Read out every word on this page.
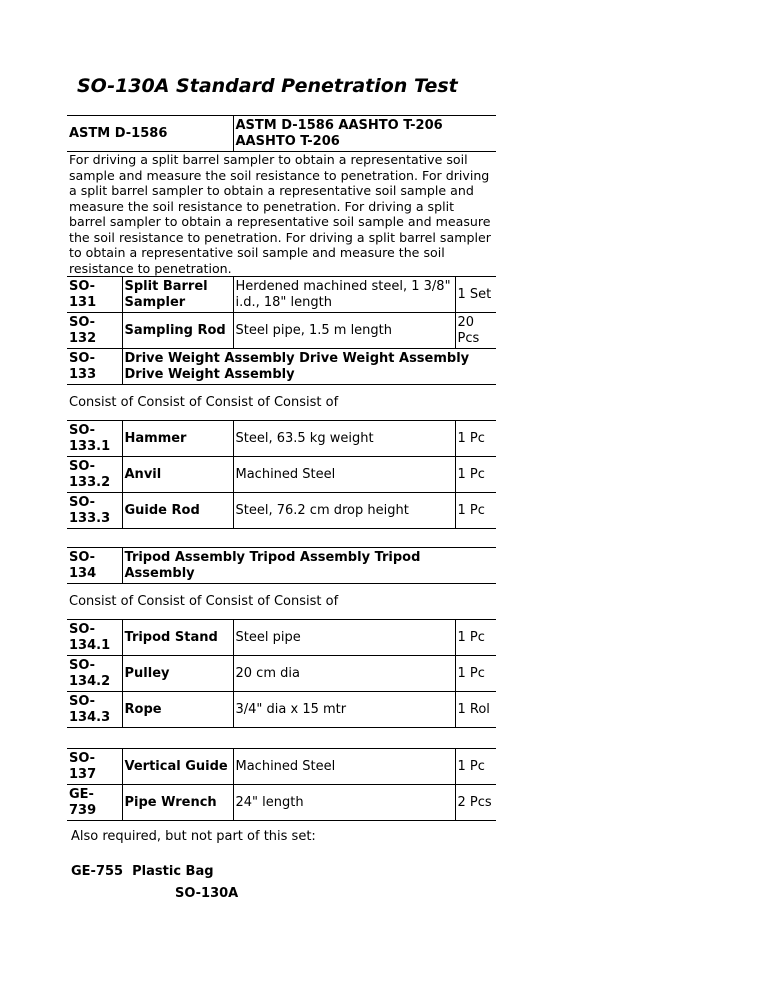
SO-130A Standard Penetration Test
ASTM D-1586		ASTM D-1586 AASHTO T-206 AASHTO T-206	
For driving a split barrel sampler to obtain a representative soil sample and measure the soil resistance to penetration. For driving a split barrel sampler to obtain a representative soil sample and measure the soil resistance to penetration. For driving a split barrel sampler to obtain a representative soil sample and measure the soil resistance to penetration. For driving a split barrel sampler to obtain a representative soil sample and measure the soil resistance to penetration.			
SO-131	Split Barrel Sampler	Herdened machined steel, 1 3/8" i.d., 18" length	1 Set
SO-132	Sampling Rod	Steel pipe, 1.5 m length	20 Pcs
SO-133	Drive Weight Assembly Drive Weight Assembly Drive Weight Assembly		
Consist of Consist of Consist of Consist of			
SO-133.1	Hammer	Steel, 63.5 kg weight	1 Pc
SO-133.2	Anvil	Machined Steel	1 Pc
SO-133.3	Guide Rod	Steel, 76.2 cm drop height	1 Pc

SO-134	Tripod Assembly Tripod Assembly Tripod Assembly		
Consist of Consist of Consist of Consist of			
SO-134.1	Tripod Stand	Steel pipe	1 Pc
SO-134.2	Pulley	20 cm dia	1 Pc
SO-134.3	Rope	3/4" dia x 15 mtr	1 Rol

SO-137	Vertical Guide	Machined Steel	1 Pc
GE-739	Pipe Wrench	24" length	2 Pcs
Also required, but not part of this set:
GE-755 Plastic Bag
SO-130A
